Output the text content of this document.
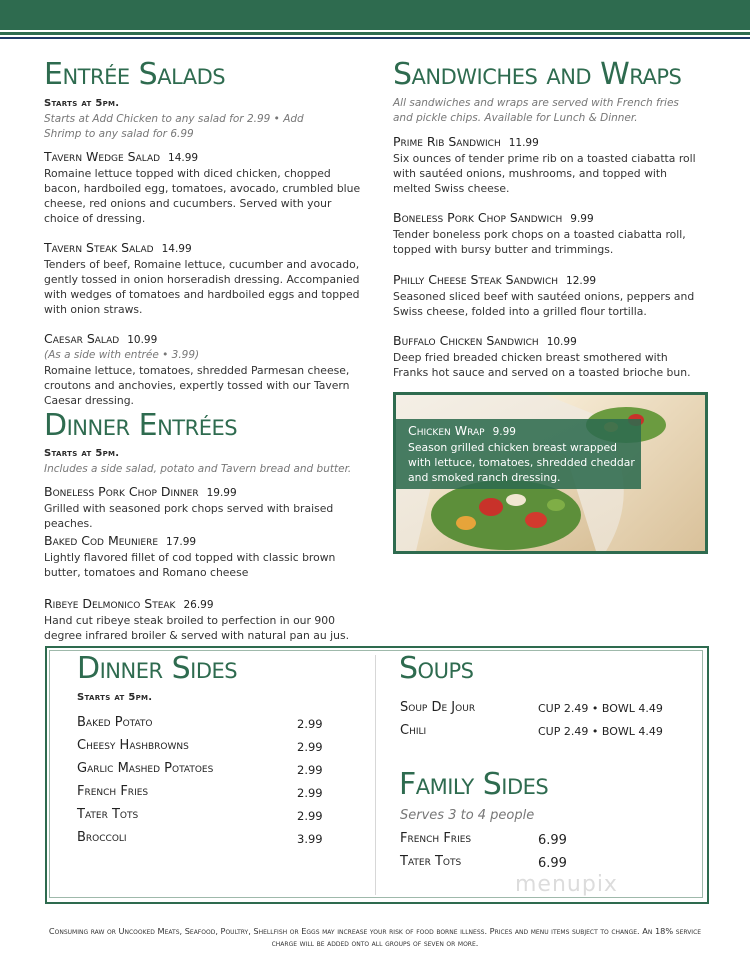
Entrée Salads
Starts at 5pm.
Starts at Add Chicken to any salad for 2.99 • Add Shrimp to any salad for 6.99
Tavern Wedge Salad 14.99
Romaine lettuce topped with diced chicken, chopped bacon, hardboiled egg, tomatoes, avocado, crumbled blue cheese, red onions and cucumbers. Served with your choice of dressing.
Tavern Steak Salad 14.99
Tenders of beef, Romaine lettuce, cucumber and avocado, gently tossed in onion horseradish dressing. Accompanied with wedges of tomatoes and hardboiled eggs and topped with onion straws.
Caesar Salad 10.99
(As a side with entrée • 3.99)
Romaine lettuce, tomatoes, shredded Parmesan cheese, croutons and anchovies, expertly tossed with our Tavern Caesar dressing.
Dinner Entrées
Starts at 5pm.
Includes a side salad, potato and Tavern bread and butter.
Boneless Pork Chop Dinner 19.99
Grilled with seasoned pork chops served with braised peaches.
Baked Cod Meuniere 17.99
Lightly flavored fillet of cod topped with classic brown butter, tomatoes and Romano cheese
Ribeye Delmonico Steak 26.99
Hand cut ribeye steak broiled to perfection in our 900 degree infrared broiler & served with natural pan au jus.
Sandwiches and Wraps
All sandwiches and wraps are served with French fries and pickle chips. Available for Lunch & Dinner.
Prime Rib Sandwich 11.99
Six ounces of tender prime rib on a toasted ciabatta roll with sautéed onions, mushrooms, and topped with melted Swiss cheese.
Boneless Pork Chop Sandwich 9.99
Tender boneless pork chops on a toasted ciabatta roll, topped with bursy butter and trimmings.
Philly Cheese Steak Sandwich 12.99
Seasoned sliced beef with sautéed onions, peppers and Swiss cheese, folded into a grilled flour tortilla.
Buffalo Chicken Sandwich 10.99
Deep fried breaded chicken breast smothered with Franks hot sauce and served on a toasted brioche bun.
Chicken Wrap 9.99
Season grilled chicken breast wrapped with lettuce, tomatoes, shredded cheddar and smoked ranch dressing.
Dinner Sides
Starts at 5pm.
Baked Potato	2.99
Cheesy Hashbrowns	2.99
Garlic Mashed Potatoes	2.99
French Fries	2.99
Tater Tots	2.99
Broccoli	3.99
Soups
Soup De Jour	CUP 2.49 • BOWL 4.49
Chili	CUP 2.49 • BOWL 4.49
Family Sides
Serves 3 to 4 people
French Fries	6.99
Tater Tots	6.99
menupix
Consuming raw or Uncooked Meats, Seafood, Poultry, Shellfish or Eggs may increase your risk of food borne illness. Prices and menu items subject to change. An 18% service charge will be added onto all groups of seven or more.
